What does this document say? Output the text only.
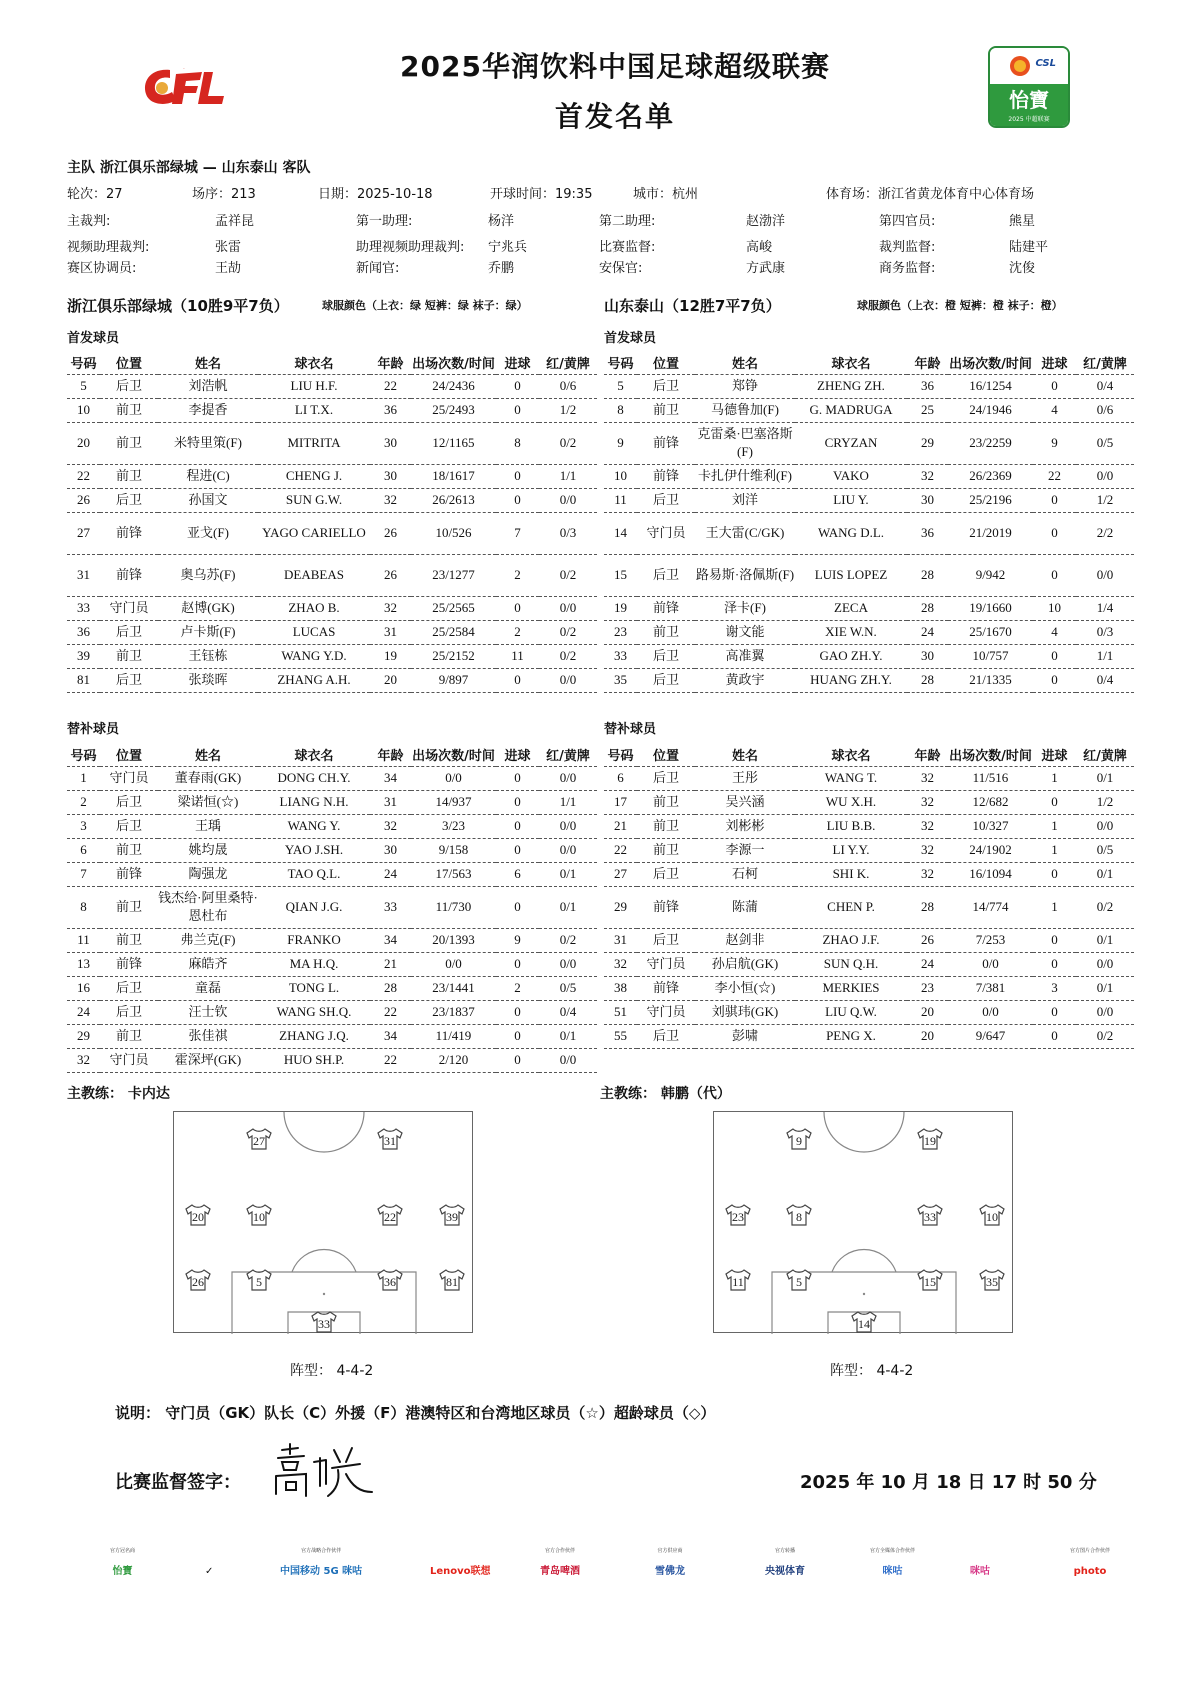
CFL
CSL
怡寶
2025 中超联赛
2025华润饮料中国足球超级联赛
首发名单
主队 浙江俱乐部绿城 — 山东泰山 客队
轮次：27	场序：213	日期：2025-10-18	开球时间：19:35	城市：杭州	体育场：浙江省黄龙体育中心体育场
主裁判:	孟祥昆	第一助理:	杨洋	第二助理:	赵渤洋	第四官员:	熊星
视频助理裁判:	张雷	助理视频助理裁判: 宁兆兵	比赛监督:	高峻	裁判监督:	陆建平
赛区协调员:	王劼	新闻官:	乔鹏	安保官:	方武康	商务监督:	沈俊
浙江俱乐部绿城（10胜9平7负）	球服颜色（上衣：绿 短裤：绿 袜子：绿）	山东泰山（12胜7平7负）	球服颜色（上衣：橙 短裤：橙 袜子：橙）
首发球员	首发球员
号码	位置	姓名	球衣名	年龄	出场次数/时间	进球	红/黄牌
5	后卫	刘浩帆	LIU H.F.	22	24/2436	0	0/6
10	前卫	李提香	LI T.X.	36	25/2493	0	1/2
20	前卫	米特里策(F)	MITRITA	30	12/1165	8	0/2
22	前卫	程进(C)	CHENG J.	30	18/1617	0	1/1
26	后卫	孙国文	SUN G.W.	32	26/2613	0	0/0
27	前锋	亚戈(F)	YAGO CARIELLO	26	10/526	7	0/3
31	前锋	奥乌苏(F)	DEABEAS	26	23/1277	2	0/2
33	守门员	赵博(GK)	ZHAO B.	32	25/2565	0	0/0
36	后卫	卢卡斯(F)	LUCAS	31	25/2584	2	0/2
39	前卫	王钰栋	WANG Y.D.	19	25/2152	11	0/2
81	后卫	张琰晖	ZHANG A.H.	20	9/897	0	0/0
号码	位置	姓名	球衣名	年龄	出场次数/时间	进球	红/黄牌
5	后卫	郑铮	ZHENG ZH.	36	16/1254	0	0/4
8	前卫	马德鲁加(F)	G. MADRUGA	25	24/1946	4	0/6
9	前锋	克雷桑·巴塞洛斯(F)	CRYZAN	29	23/2259	9	0/5
10	前锋	卡扎伊什维利(F)	VAKO	32	26/2369	22	0/0
11	后卫	刘洋	LIU Y.	30	25/2196	0	1/2
14	守门员	王大雷(C/GK)	WANG D.L.	36	21/2019	0	2/2
15	后卫	路易斯·洛佩斯(F)	LUIS LOPEZ	28	9/942	0	0/0
19	前锋	泽卡(F)	ZECA	28	19/1660	10	1/4
23	前卫	谢文能	XIE W.N.	24	25/1670	4	0/3
33	后卫	高准翼	GAO ZH.Y.	30	10/757	0	1/1
35	后卫	黄政宇	HUANG ZH.Y.	28	21/1335	0	0/4
替补球员	替补球员
号码	位置	姓名	球衣名	年龄	出场次数/时间	进球	红/黄牌
1	守门员	董春雨(GK)	DONG CH.Y.	34	0/0	0	0/0
2	后卫	梁诺恒(☆)	LIANG N.H.	31	14/937	0	1/1
3	后卫	王瑀	WANG Y.	32	3/23	0	0/0
6	前卫	姚均晟	YAO J.SH.	30	9/158	0	0/0
7	前锋	陶强龙	TAO Q.L.	24	17/563	6	0/1
8	前卫	钱杰给·阿里桑特·恩杜布	QIAN J.G.	33	11/730	0	0/1
11	前卫	弗兰克(F)	FRANKO	34	20/1393	9	0/2
13	前锋	麻皓齐	MA H.Q.	21	0/0	0	0/0
16	后卫	童磊	TONG L.	28	23/1441	2	0/5
24	后卫	汪士钦	WANG SH.Q.	22	23/1837	0	0/4
29	前卫	张佳祺	ZHANG J.Q.	34	11/419	0	0/1
32	守门员	霍深坪(GK)	HUO SH.P.	22	2/120	0	0/0
号码	位置	姓名	球衣名	年龄	出场次数/时间	进球	红/黄牌
6	后卫	王彤	WANG T.	32	11/516	1	0/1
17	前卫	吴兴涵	WU X.H.	32	12/682	0	1/2
21	前卫	刘彬彬	LIU B.B.	32	10/327	1	0/0
22	前卫	李源一	LI Y.Y.	32	24/1902	1	0/5
27	后卫	石柯	SHI K.	32	16/1094	0	0/1
29	前锋	陈蒲	CHEN P.	28	14/774	1	0/2
31	后卫	赵剑非	ZHAO J.F.	26	7/253	0	0/1
32	守门员	孙启航(GK)	SUN Q.H.	24	0/0	0	0/0
38	前锋	李小恒(☆)	MERKIES	23	7/381	3	0/1
51	守门员	刘骐玮(GK)	LIU Q.W.	20	0/0	0	0/0
55	后卫	彭啸	PENG X.	20	9/647	0	0/2
主教练： 卡内达	主教练： 韩鹏（代）
27	31
20	10	22	39
26	5	36	81
33
9	19
23	8	33	10
11	5	15	35
14
阵型： 4-4-2	阵型： 4-4-2
说明： 守门员（GK）队长（C）外援（F）港澳特区和台湾地区球员（☆）超龄球员（◇）
比赛监督签字：
高峻
2025 年 10 月 18 日 17 时 50 分
官方冠名商
怡寶
	✓
官方战略合作伙伴
中国移动 5G 咪咕
	Lenovo联想
官方合作伙伴
青岛啤酒
官方供应商
雪佛龙
官方转播
央视体育
官方全媒体合作伙伴
咪咕
	咪咕
官方图片合作伙伴
photo
